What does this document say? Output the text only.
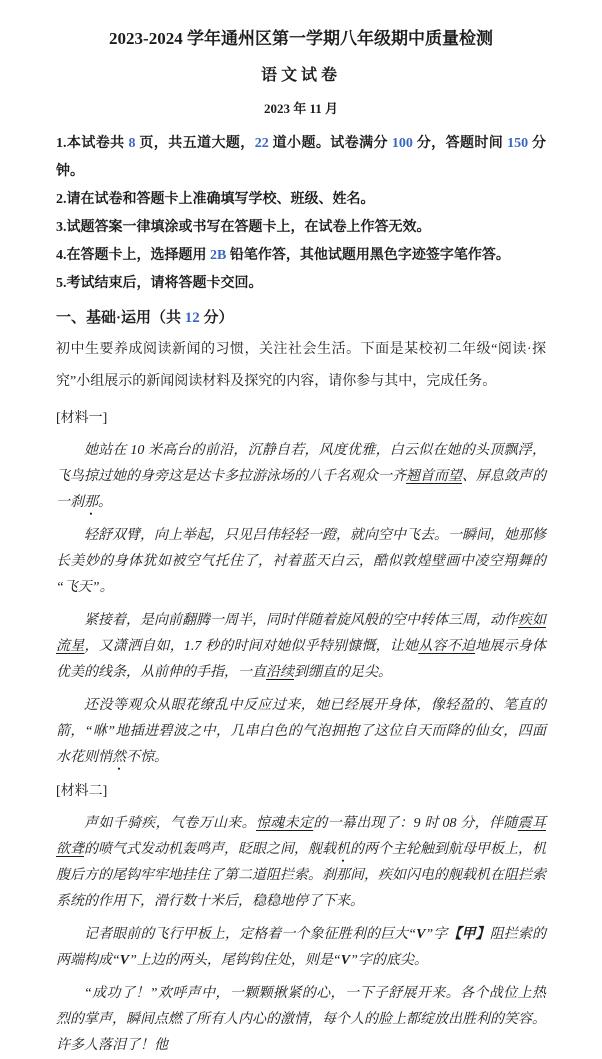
2023-2024 学年通州区第一学期八年级期中质量检测
语文试卷
2023 年 11 月

1.本试卷共 8 页，共五道大题，22 道小题。试卷满分 100 分，答题时间 150 分钟。

2.请在试卷和答题卡上准确填写学校、班级、姓名。

3.试题答案一律填涂或书写在答题卡上，在试卷上作答无效。

4.在答题卡上，选择题用 2B 铅笔作答，其他试题用黑色字迹签字笔作答。

5.考试结束后，请将答题卡交回。

一、基础·运用（共 12 分）

初中生要养成阅读新闻的习惯，关注社会生活。下面是某校初二年级“阅读·探究”小组展示的新闻阅读材料及探究的内容，请你参与其中，完成任务。

[材料一]

她站在 10 米高台的前沿，沉静自若，风度优雅，白云似在她的头顶飘浮，飞鸟掠过她的身旁这是达卡多拉游泳场的八千名观众一齐翘首而望、屏息敛声的一刹那。

轻舒双臂，向上举起，只见吕伟轻轻一蹬，就向空中飞去。一瞬间，她那修长美妙的身体犹如被空气托住了，衬着蓝天白云，酷似敦煌壁画中凌空翔舞的“飞天”。

紧接着，是向前翻腾一周半，同时伴随着旋风般的空中转体三周，动作疾如流星，又潇洒自如，1.7 秒的时间对她似乎特别慷慨，让她从容不迫地展示身体优美的线条，从前伸的手指，一直沿续到绷直的足尖。

还没等观众从眼花缭乱中反应过来，她已经展开身体，像轻盈的、笔直的箭，“咻”地插进碧波之中，几串白色的气泡拥抱了这位自天而降的仙女，四面水花则悄然不惊。

[材料二]

声如千骑疾，气卷万山来。惊魂未定的一幕出现了：9 时 08 分，伴随震耳欲聋的喷气式发动机轰鸣声，眨眼之间，舰载机的两个主轮触到航母甲板上，机腹后方的尾钩牢牢地挂住了第二道阻拦索。刹那间，疾如闪电的舰载机在阻拦索系统的作用下，滑行数十米后，稳稳地停了下来。

记者眼前的飞行甲板上，定格着一个象征胜利的巨大“V”字【甲】阻拦索的两端构成“V”上边的两头，尾钩钩住处，则是“V”字的底尖。

“成功了！”欢呼声中，一颗颗揪紧的心，一下子舒展开来。各个战位上热烈的掌声，瞬间点燃了所有人内心的激情，每个人的脸上都绽放出胜利的笑容。许多人落泪了！他
